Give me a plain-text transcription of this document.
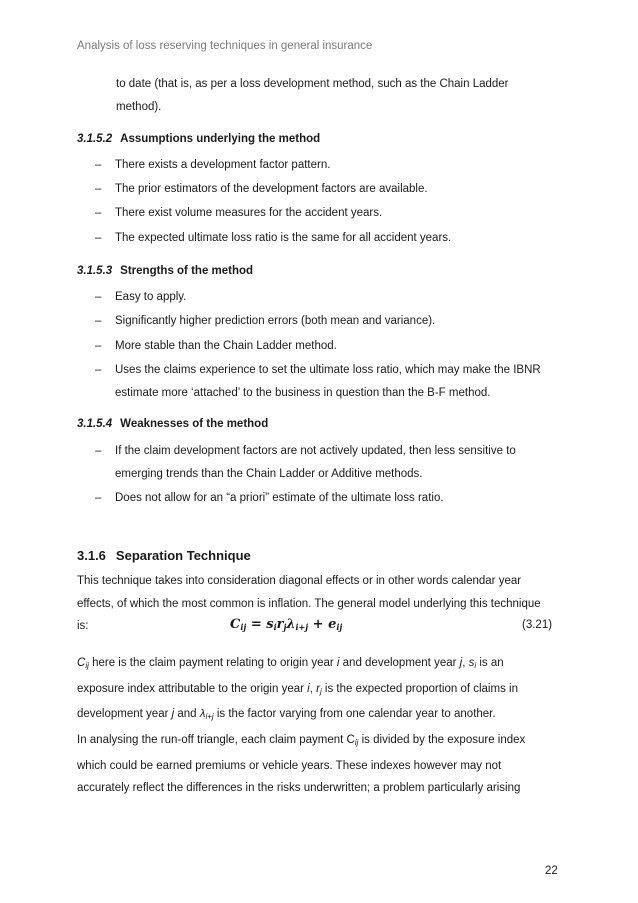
Analysis of loss reserving techniques in general insurance
to date (that is, as per a loss development method, such as the Chain Ladder
method).
3.1.5.2 Assumptions underlying the method
– There exists a development factor pattern.
– The prior estimators of the development factors are available.
– There exist volume measures for the accident years.
– The expected ultimate loss ratio is the same for all accident years.
3.1.5.3 Strengths of the method
– Easy to apply.
– Significantly higher prediction errors (both mean and variance).
– More stable than the Chain Ladder method.
– Uses the claims experience to set the ultimate loss ratio, which may make the IBNR
estimate more ‘attached’ to the business in question than the B-F method.
3.1.5.4 Weaknesses of the method
– If the claim development factors are not actively updated, then less sensitive to
emerging trends than the Chain Ladder or Additive methods.
– Does not allow for an “a priori” estimate of the ultimate loss ratio.
3.1.6 Separation Technique
This technique takes into consideration diagonal effects or in other words calendar year
effects, of which the most common is inflation. The general model underlying this technique
is:	$C_{ij} = s_ir_j\lambda_{i+j} + e_{ij}$	(3.21)
$C_{ij}$ here is the claim payment relating to origin year i and development year j, $s_i$ is an
exposure index attributable to the origin year i, $r_j$ is the expected proportion of claims in
development year j and $\lambda_{i+j}$ is the factor varying from one calendar year to another.
In analysing the run-off triangle, each claim payment $C_{ij}$ is divided by the exposure index
which could be earned premiums or vehicle years. These indexes however may not
accurately reflect the differences in the risks underwritten; a problem particularly arising
22
